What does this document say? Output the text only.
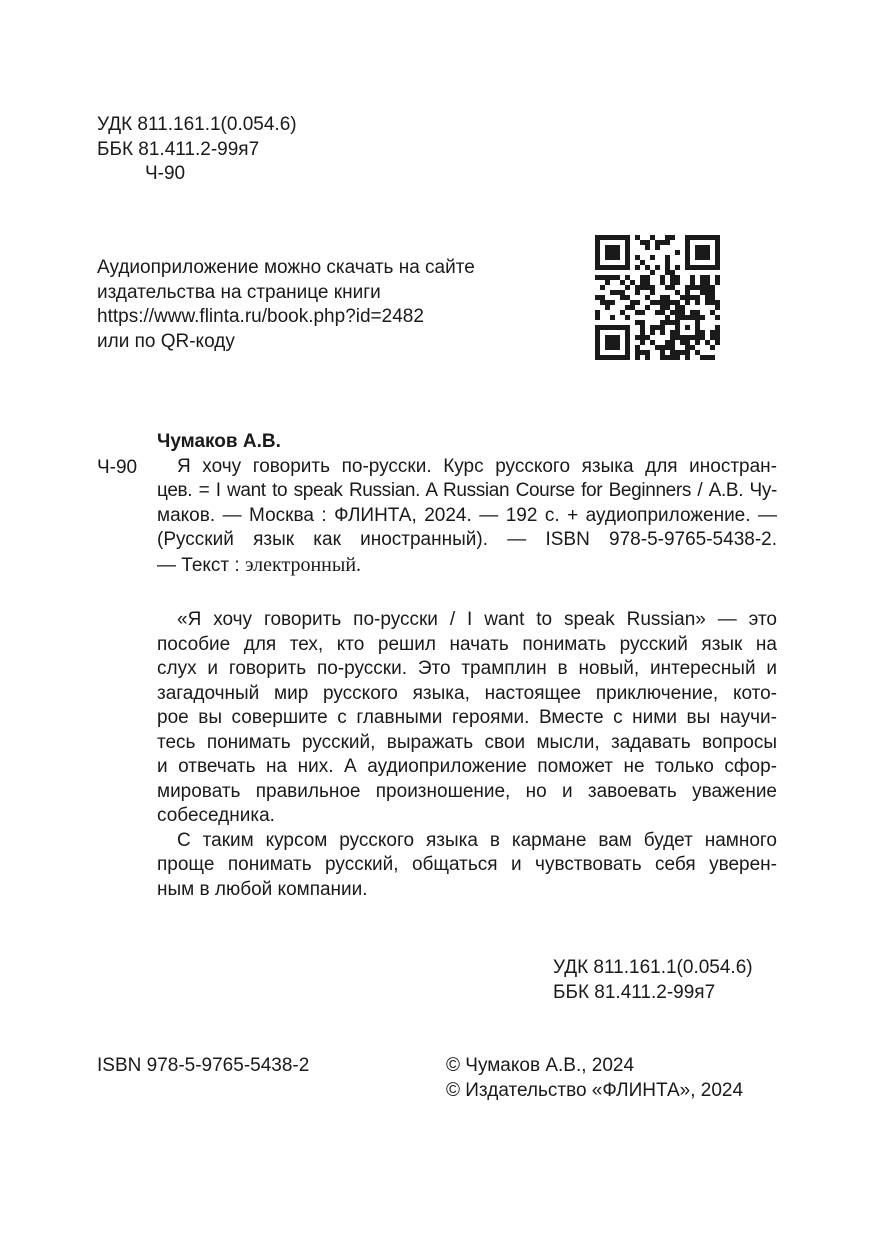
УДК 811.161.1(0.054.6)
ББК 81.411.2-99я7
Ч-90
Аудиоприложение можно скачать на сайте
издательства на странице книги
https://www.flinta.ru/book.php?id=2482
или по QR-коду
Ч-90
Чумаков А.В.
Я хочу говорить по-русски. Курс русского языка для иностран-
цев. = I want to speak Russian. A Russian Course for Beginners / А.В. Чу-
маков. — Москва : ФЛИНТА, 2024. — 192 с. + аудиоприложение. —
(Русский язык как иностранный). — ISBN 978-5-9765-5438-2.
— Текст : электронный.
«Я хочу говорить по-русски / I want to speak Russian» — это
пособие для тех, кто решил начать понимать русский язык на
слух и говорить по-русски. Это трамплин в новый, интересный и
загадочный мир русского языка, настоящее приключение, кото-
рое вы совершите с главными героями. Вместе с ними вы научи-
тесь понимать русский, выражать свои мысли, задавать вопросы
и отвечать на них. А аудиоприложение поможет не только сфор-
мировать правильное произношение, но и завоевать уважение
собеседника.
С таким курсом русского языка в кармане вам будет намного
проще понимать русский, общаться и чувствовать себя уверен-
ным в любой компании.
УДК 811.161.1(0.054.6)
ББК 81.411.2-99я7
ISBN 978-5-9765-5438-2	© Чумаков А.В., 2024
© Издательство «ФЛИНТА», 2024
